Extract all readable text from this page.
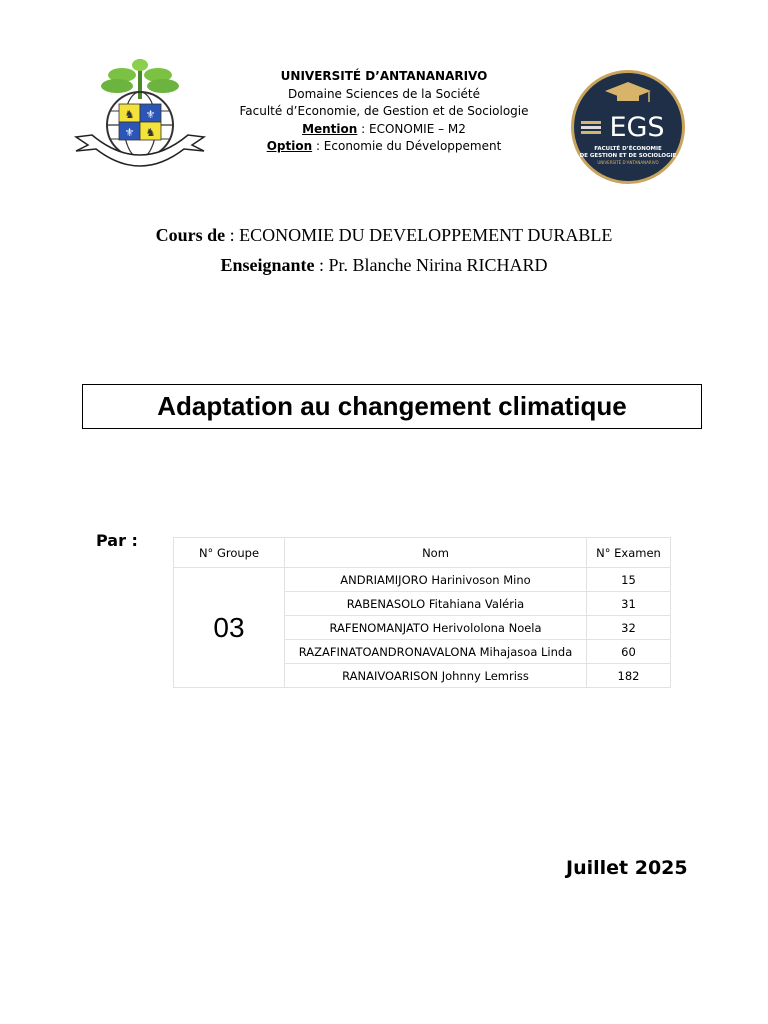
♞ ⚜
⚜ ♞
UNIVERSITÉ D’ANTANANARIVO
Domaine Sciences de la Société
Faculté d’Economie, de Gestion et de Sociologie
Mention : ECONOMIE – M2
Option : Economie du Développement
EGS
FACULTÉ D’ÉCONOMIE
DE GESTION ET DE SOCIOLOGIE
UNIVERSITÉ D’ANTANANARIVO
Cours de : ECONOMIE DU DEVELOPPEMENT DURABLE
Enseignante : Pr. Blanche Nirina RICHARD
Adaptation au changement climatique
Par :
N° Groupe	Nom	N° Examen
03	ANDRIAMIJORO Harinivoson Mino	15
	RABENASOLO Fitahiana Valéria	31
	RAFENOMANJATO Herivololona Noela	32
	RAZAFINATOANDRONAVALONA Mihajasoa Linda	60
	RANAIVOARISON Johnny Lemriss	182
Juillet 2025
